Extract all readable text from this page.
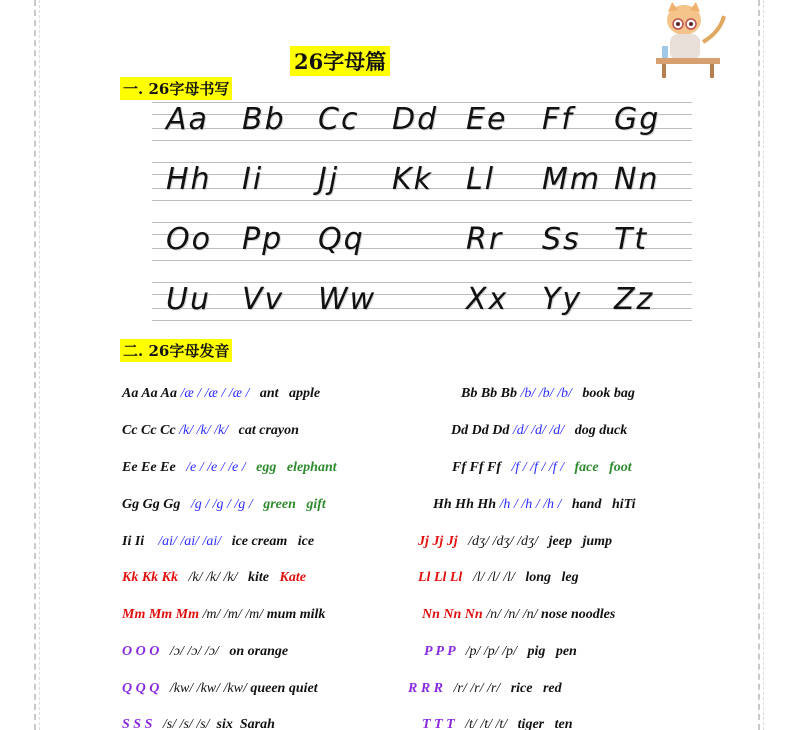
26字母篇
一. 26字母书写
Aa Bb Cc Dd Ee Ff Gg
Hh Ii Jj Kk Ll Mm Nn
Oo Pp Qq	Rr Ss Tt
Uu Vv Ww	Xx Yy Zz
二. 26字母发音
Aa Aa Aa /æ / /æ / /æ / ant apple	Bb Bb Bb /b/ /b/ /b/ book bag
Cc Cc Cc /k/ /k/ /k/ cat crayon	Dd Dd Dd /d/ /d/ /d/ dog duck
Ee Ee Ee /e / /e / /e / egg elephant	Ff Ff Ff /f / /f / /f / face foot
Gg Gg Gg /g / /g / /g / green gift	Hh Hh Hh /h / /h / /h / hand hiTi
Ii Ii /ai/ /ai/ /ai/ ice cream ice	Jj Jj Jj /dʒ/ /dʒ/ /dʒ/ jeep jump
Kk Kk Kk /k/ /k/ /k/ kite Kate	Ll Ll Ll /l/ /l/ /l/ long leg
Mm Mm Mm /m/ /m/ /m/ mum milk	Nn Nn Nn /n/ /n/ /n/ nose noodles
O O O /ɔ/ /ɔ/ /ɔ/ on orange	P P P /p/ /p/ /p/ pig pen
Q Q Q /kw/ /kw/ /kw/ queen quiet	R R R /r/ /r/ /r/ rice red
S S S /s/ /s/ /s/ six Sarah	T T T /t/ /t/ /t/ tiger ten
